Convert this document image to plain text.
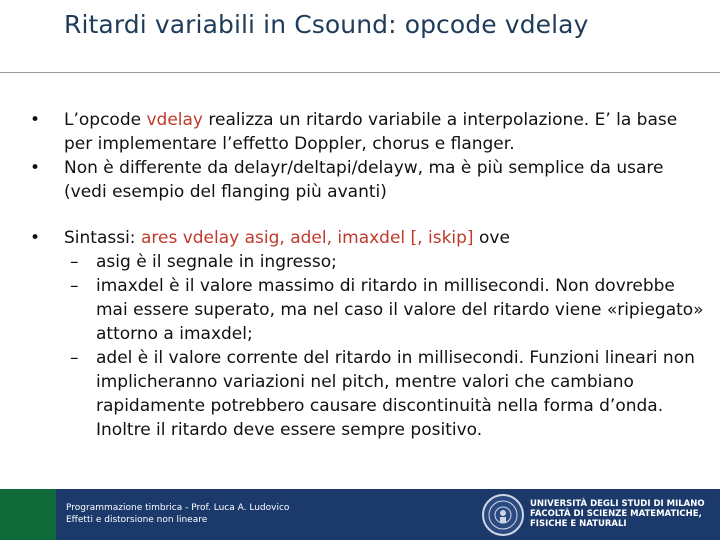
Ritardi variabili in Csound: opcode vdelay
• L’opcode vdelay realizza un ritardo variabile a interpolazione. E’ la base per implementare l’effetto Doppler, chorus e flanger.
• Non è differente da delayr/deltapi/delayw, ma è più semplice da usare (vedi esempio del flanging più avanti)
• Sintassi: ares vdelay asig, adel, imaxdel [, iskip] ove
– asig è il segnale in ingresso;
– imaxdel è il valore massimo di ritardo in millisecondi. Non dovrebbe mai essere superato, ma nel caso il valore del ritardo viene «ripiegato» attorno a imaxdel;
– adel è il valore corrente del ritardo in millisecondi. Funzioni lineari non implicheranno variazioni nel pitch, mentre valori che cambiano rapidamente potrebbero causare discontinuità nella forma d’onda. Inoltre il ritardo deve essere sempre positivo.
Programmazione timbrica - Prof. Luca A. Ludovico
Effetti e distorsione non lineare
UNIVERSITÀ DEGLI STUDI DI MILANO
FACOLTÀ DI SCIENZE MATEMATICHE,
FISICHE E NATURALI
